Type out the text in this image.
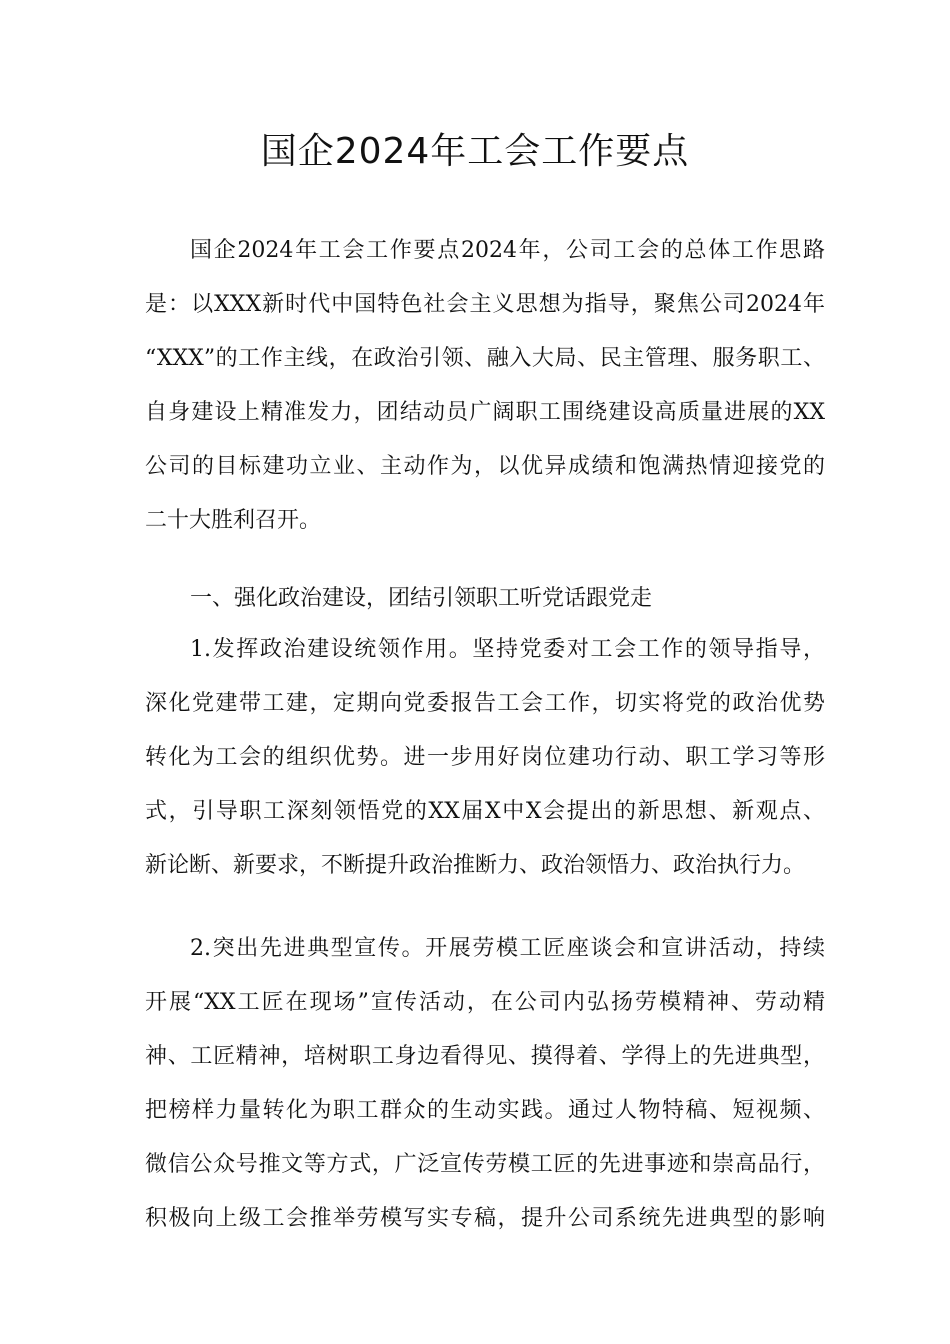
国企2024年工会工作要点
国企2024年工会工作要点2024年，公司工会的总体工作思路
是：以XXX新时代中国特色社会主义思想为指导，聚焦公司2024年
“XXX”的工作主线，在政治引领、融入大局、民主管理、服务职工、
自身建设上精准发力，团结动员广阔职工围绕建设高质量进展的XX
公司的目标建功立业、主动作为，以优异成绩和饱满热情迎接党的
二十大胜利召开。
一、强化政治建设，团结引领职工听党话跟党走
1.发挥政治建设统领作用。坚持党委对工会工作的领导指导，
深化党建带工建，定期向党委报告工会工作，切实将党的政治优势
转化为工会的组织优势。进一步用好岗位建功行动、职工学习等形
式，引导职工深刻领悟党的XX届X中X会提出的新思想、新观点、
新论断、新要求，不断提升政治推断力、政治领悟力、政治执行力。
2.突出先进典型宣传。开展劳模工匠座谈会和宣讲活动，持续
开展“XX工匠在现场”宣传活动，在公司内弘扬劳模精神、劳动精
神、工匠精神，培树职工身边看得见、摸得着、学得上的先进典型，
把榜样力量转化为职工群众的生动实践。通过人物特稿、短视频、
微信公众号推文等方式，广泛宣传劳模工匠的先进事迹和崇高品行，
积极向上级工会推举劳模写实专稿，提升公司系统先进典型的影响
